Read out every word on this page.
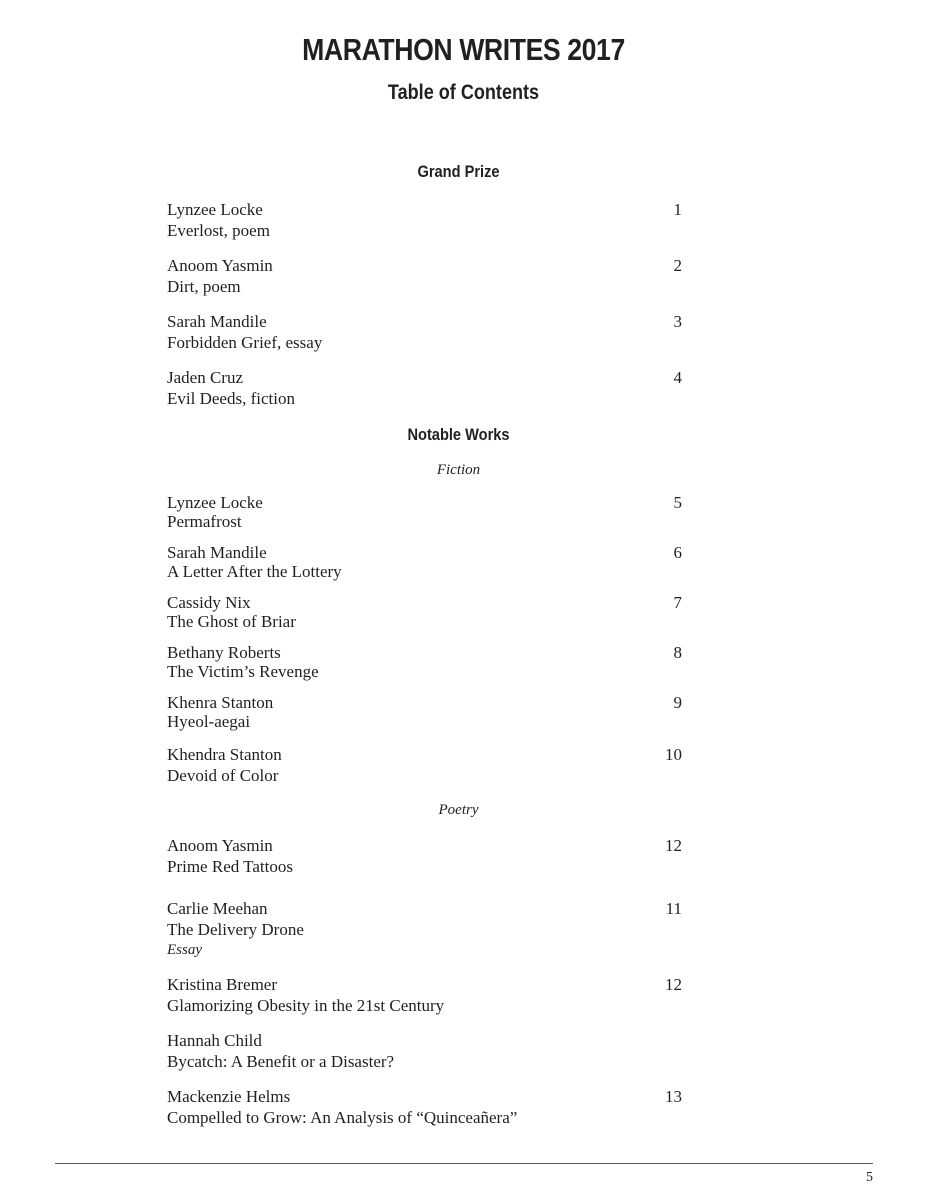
MARATHON WRITES 2017
Table of Contents
Grand Prize
Lynzee Locke
Everlost, poem
1
Anoom Yasmin
Dirt, poem
2
Sarah Mandile
Forbidden Grief, essay
3
Jaden Cruz
Evil Deeds, fiction
4
Notable Works
Fiction
Lynzee Locke
Permafrost
5
Sarah Mandile
A Letter After the Lottery
6
Cassidy Nix
The Ghost of Briar
7
Bethany Roberts
The Victim’s Revenge
8
Khenra Stanton
Hyeol-aegai
9
Khendra Stanton
Devoid of Color
10
Poetry
Anoom Yasmin
Prime Red Tattoos
12
Carlie Meehan
The Delivery Drone
Essay
11
Kristina Bremer
Glamorizing Obesity in the 21st Century
12
Hannah Child
Bycatch: A Benefit or a Disaster?
Mackenzie Helms
Compelled to Grow: An Analysis of “Quinceañera”
13
5
